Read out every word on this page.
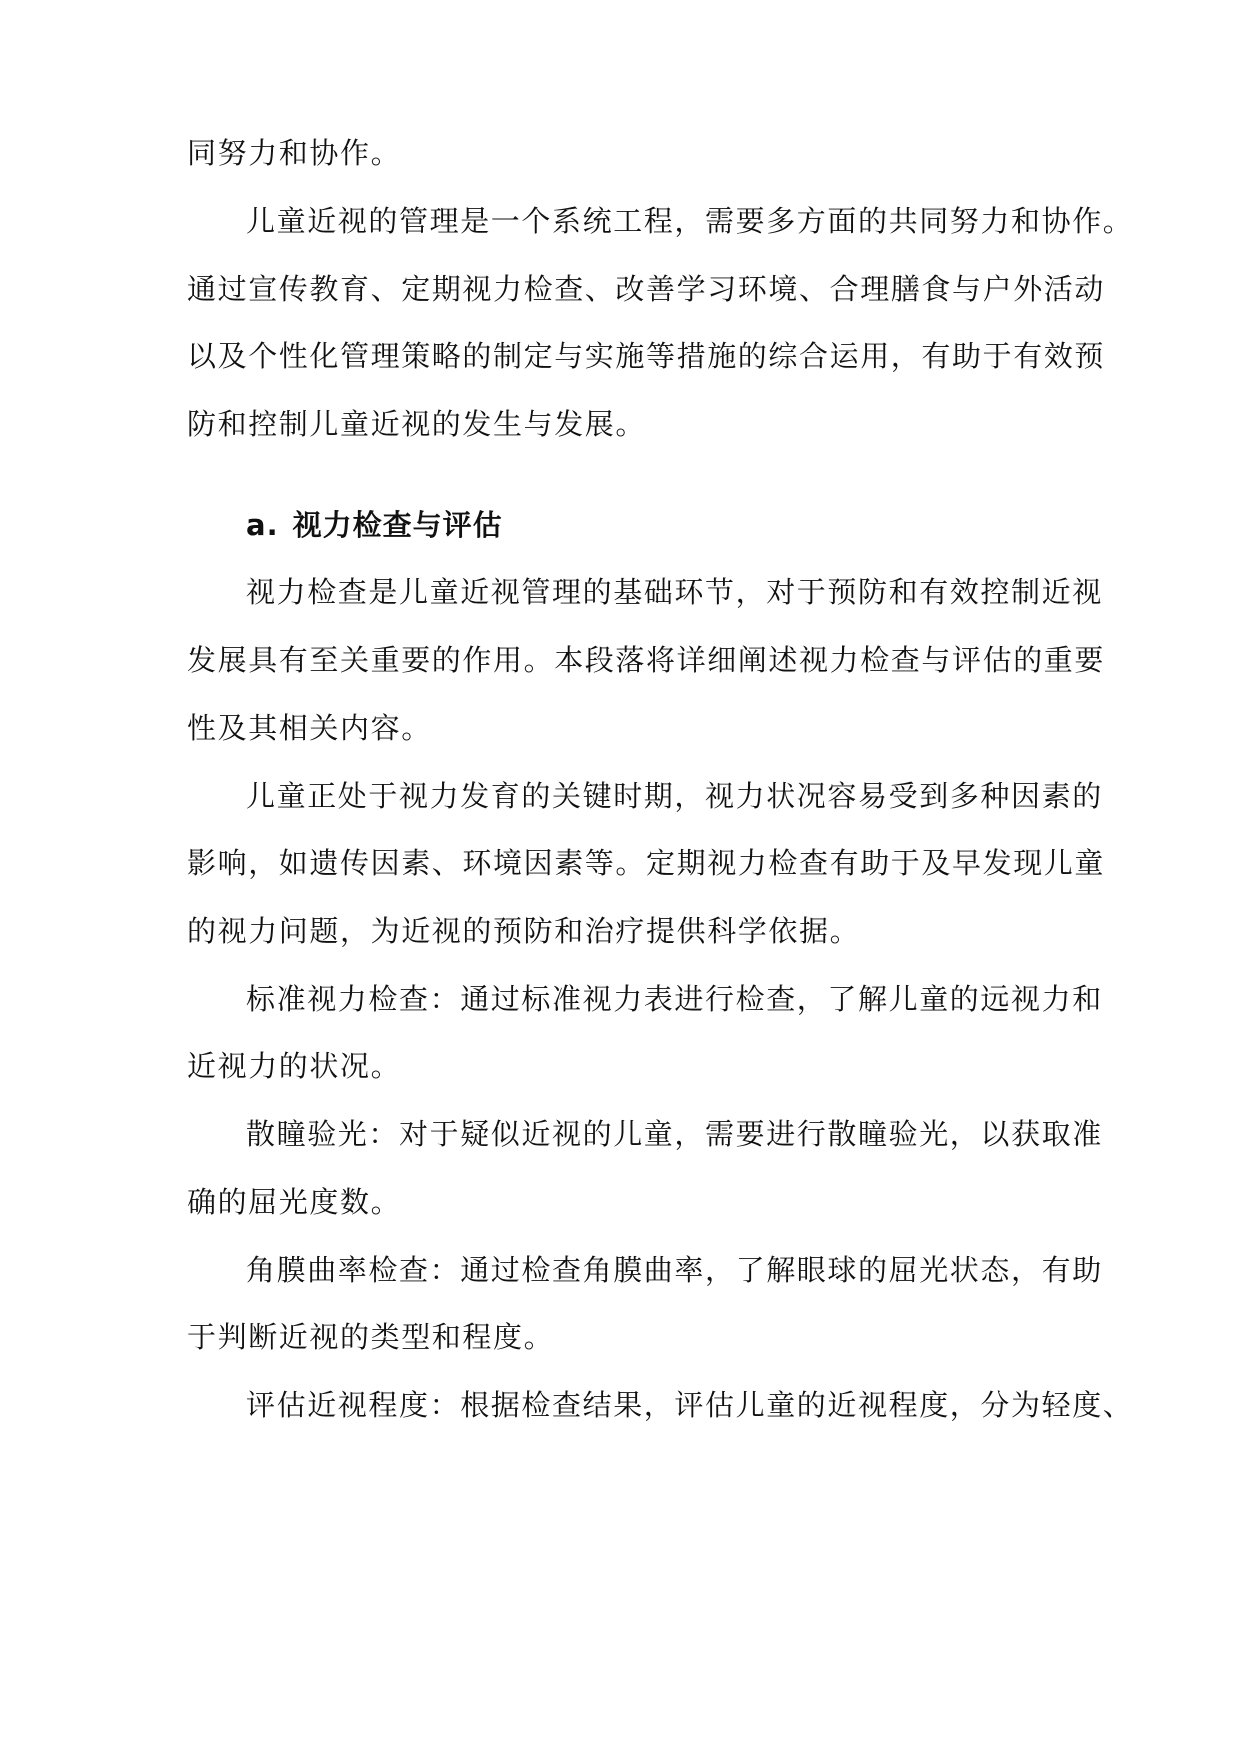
同努力和协作。

儿童近视的管理是一个系统工程，需要多方面的共同努力和协作。

通过宣传教育、定期视力检查、改善学习环境、合理膳食与户外活动

以及个性化管理策略的制定与实施等措施的综合运用，有助于有效预

防和控制儿童近视的发生与发展。

a. 视力检查与评估

视力检查是儿童近视管理的基础环节，对于预防和有效控制近视

发展具有至关重要的作用。本段落将详细阐述视力检查与评估的重要

性及其相关内容。

儿童正处于视力发育的关键时期，视力状况容易受到多种因素的

影响，如遗传因素、环境因素等。定期视力检查有助于及早发现儿童

的视力问题，为近视的预防和治疗提供科学依据。

标准视力检查：通过标准视力表进行检查，了解儿童的远视力和

近视力的状况。

散瞳验光：对于疑似近视的儿童，需要进行散瞳验光，以获取准

确的屈光度数。

角膜曲率检查：通过检查角膜曲率，了解眼球的屈光状态，有助

于判断近视的类型和程度。

评估近视程度：根据检查结果，评估儿童的近视程度，分为轻度、
